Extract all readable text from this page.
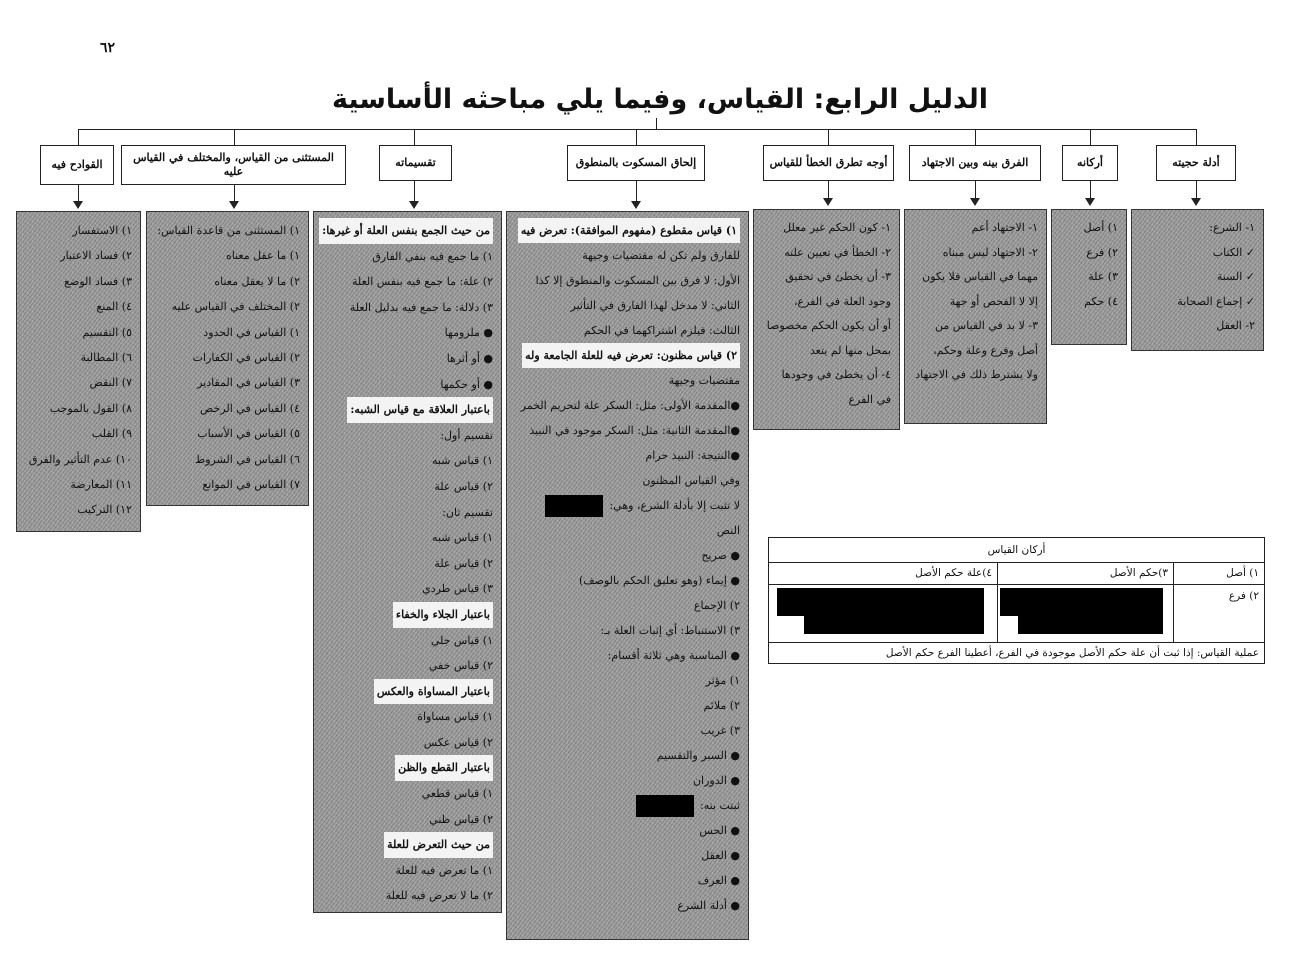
٦٢
الدليل الرابع: القياس، وفيما يلي مباحثه الأساسية
أدلة حجيته
أركانه
الفرق بينه وبين الاجتهاد
أوجه تطرق الخطأ للقياس
إلحاق المسكوت بالمنطوق
تقسيماته
المستثنى من القياس، والمختلف في القياس عليه
القوادح فيه
١- الشرع:
✓ الكتاب
✓ السنة
✓ إجماع الصحابة
٢- العقل
١) أصل
٢) فرع
٣) علة
٤) حكم
١- الاجتهاد أعم
٢- الاجتهاد ليس مبناه
مهما في القياس فلا يكون
إلا لا الفحص أو جهة
٣- لا بد في القياس من
أصل وفرع وعلة وحكم،
ولا يشترط ذلك في الاجتهاد
١- كون الحكم غير معلل
٢- الخطأ في تعيين علته
٣- أن يخطئ في تحقيق
وجود العلة في الفرع،
أو أن يكون الحكم مخصوصا
بمحل منها لم يتعد
٤- أن يخطئ في وجودها
في الفرع
١) قياس مقطوع (مفهوم الموافقة): تعرض فيه
للفارق ولم تكن له مقتضيات وجيهة
الأول: لا فرق بين المسكوت والمنطوق إلا كذا
الثاني: لا مدخل لهذا الفارق في التأثير
الثالث: فيلزم اشتراكهما في الحكم
٢) قياس مظنون: تعرض فيه للعلة الجامعة وله
مقتضيات وجيهة
●المقدمة الأولى: مثل: السكر علة لتحريم الخمر
●المقدمة الثانية: مثل: السكر موجود في النبيذ
●النتيجة: النبيذ حرام
وفي القياس المظنون
لا تثبت إلا بأدلة الشرع، وهي:
النص
● صريح
● إيماء (وهو تعليق الحكم بالوصف)
٢) الإجماع
٣) الاستنباط: أي إثبات العلة بـ:
● المناسبة وهي ثلاثة أقسام:
١) مؤثر
٢) ملائم
٣) غريب
● السبر والتقسيم
● الدوران
ثبتت بنه:
● الحس
● العقل
● العرف
● أدلة الشرع
من حيث الجمع بنفس العلة أو غيرها:
١) ما جمع فيه بنفي الفارق
٢) علة: ما جمع فيه بنفس العلة
٣) دلالة: ما جمع فيه بدليل العلة
● ملزومها
● أو أثرها
● أو حكمها
باعتبار العلاقة مع قياس الشبه:
تقسيم أول:
١) قياس شبه
٢) قياس علة
تقسيم ثان:
١) قياس شبه
٢) قياس علة
٣) قياس طردي
باعتبار الجلاء والخفاء
١) قياس جلي
٢) قياس خفي
باعتبار المساواة والعكس
١) قياس مساواة
٢) قياس عكس
باعتبار القطع والظن
١) قياس قطعي
٢) قياس ظني
من حيث التعرض للعلة
١) ما تعرض فيه للعلة
٢) ما لا تعرض فيه للعلة
١) المستثنى من قاعدة القياس:
١) ما عقل معناه
٢) ما لا يعقل معناه
٢) المختلف في القياس عليه
١) القياس في الحدود
٢) القياس في الكفارات
٣) القياس في المقادير
٤) القياس في الرخص
٥) القياس في الأسباب
٦) القياس في الشروط
٧) القياس في الموانع
١) الاستفسار
٢) فساد الاعتبار
٣) فساد الوضع
٤) المنع
٥) التقسيم
٦) المطالبة
٧) النقض
٨) القول بالموجب
٩) القلب
١٠) عدم التأثير والفرق
١١) المعارضة
١٢) التركيب
أركان القياس
١) أصل
٣)حكم الأصل
٤)علة حكم الأصل
٢) فرع
عملية القياس: إذا ثبت أن علة حكم الأصل موجودة في الفرع، أعطينا الفرع حكم الأصل
